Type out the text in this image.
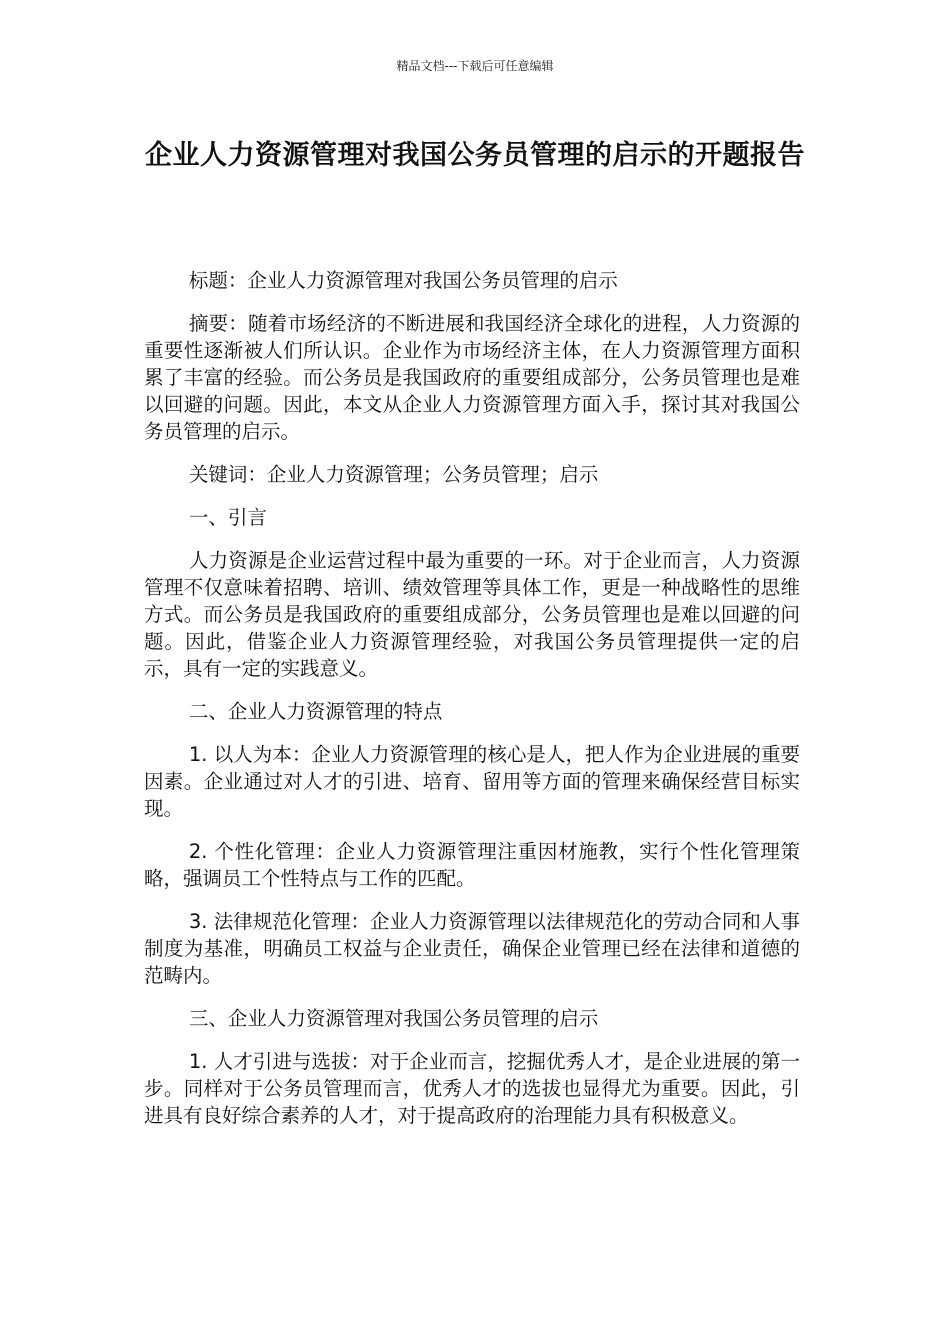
精品文档---下载后可任意编辑
企业人力资源管理对我国公务员管理的启示的开题报告

标题：企业人力资源管理对我国公务员管理的启示

摘要：随着市场经济的不断进展和我国经济全球化的进程，人力资源的重要性逐渐被人们所认识。企业作为市场经济主体，在人力资源管理方面积累了丰富的经验。而公务员是我国政府的重要组成部分，公务员管理也是难以回避的问题。因此，本文从企业人力资源管理方面入手，探讨其对我国公务员管理的启示。

关键词：企业人力资源管理；公务员管理；启示

一、引言

人力资源是企业运营过程中最为重要的一环。对于企业而言，人力资源管理不仅意味着招聘、培训、绩效管理等具体工作，更是一种战略性的思维方式。而公务员是我国政府的重要组成部分，公务员管理也是难以回避的问题。因此，借鉴企业人力资源管理经验，对我国公务员管理提供一定的启示，具有一定的实践意义。

二、企业人力资源管理的特点

1. 以人为本：企业人力资源管理的核心是人，把人作为企业进展的重要因素。企业通过对人才的引进、培育、留用等方面的管理来确保经营目标实现。

2. 个性化管理：企业人力资源管理注重因材施教，实行个性化管理策略，强调员工个性特点与工作的匹配。

3. 法律规范化管理：企业人力资源管理以法律规范化的劳动合同和人事制度为基准，明确员工权益与企业责任，确保企业管理已经在法律和道德的范畴内。

三、企业人力资源管理对我国公务员管理的启示

1. 人才引进与选拔：对于企业而言，挖掘优秀人才，是企业进展的第一步。同样对于公务员管理而言，优秀人才的选拔也显得尤为重要。因此，引进具有良好综合素养的人才，对于提高政府的治理能力具有积极意义。
